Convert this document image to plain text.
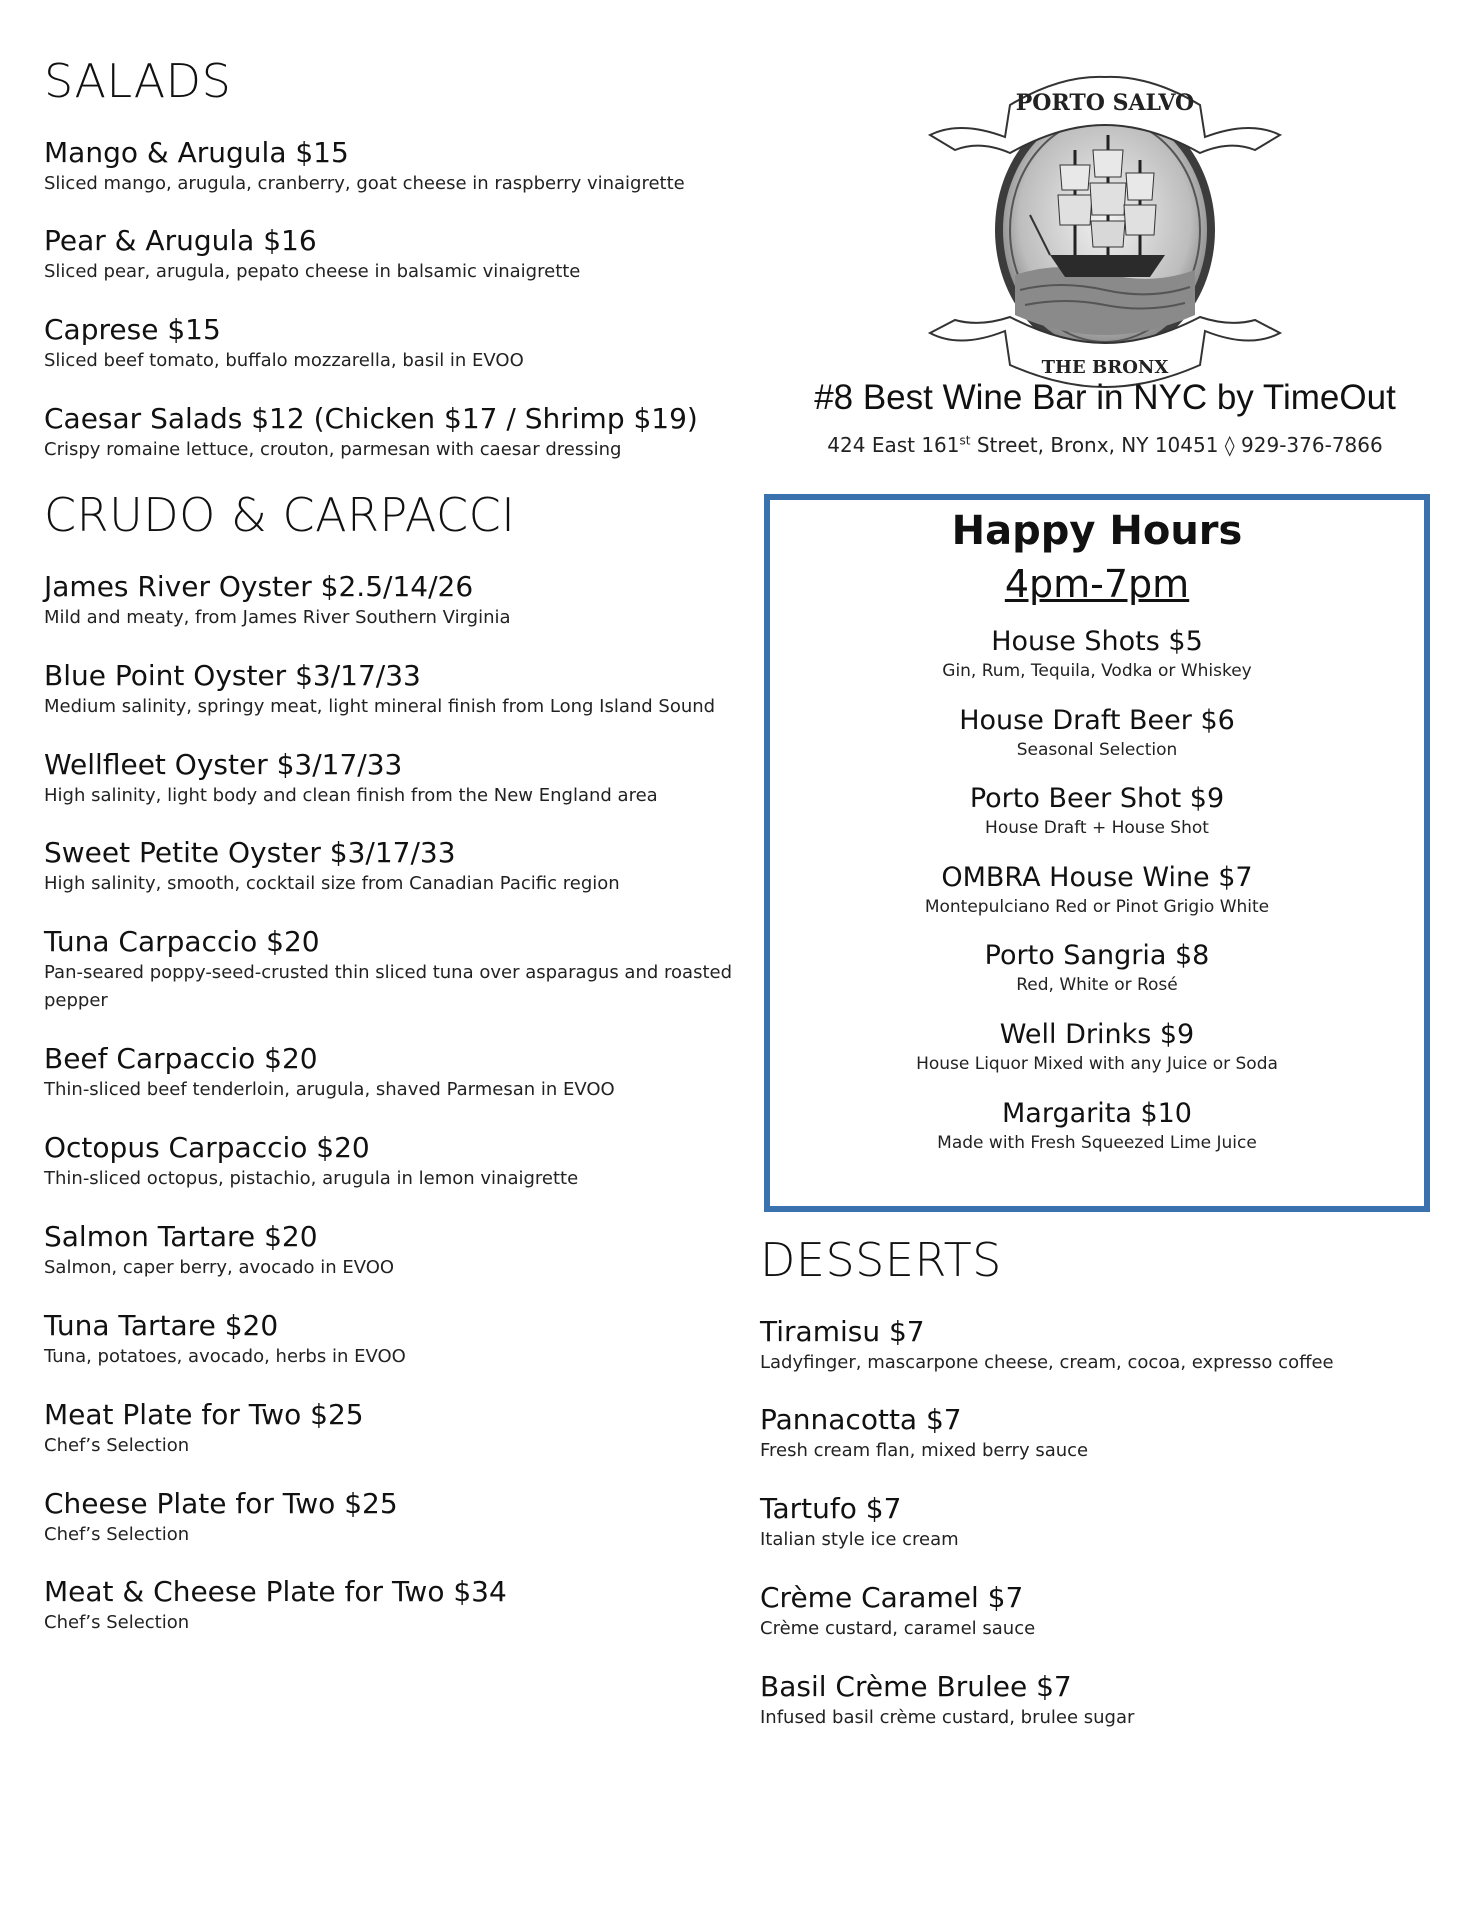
SALADS
Mango & Arugula $15
Sliced mango, arugula, cranberry, goat cheese in raspberry vinaigrette
Pear & Arugula $16
Sliced pear, arugula, pepato cheese in balsamic vinaigrette
Caprese $15
Sliced beef tomato, buffalo mozzarella, basil in EVOO
Caesar Salads $12 (Chicken $17 / Shrimp $19)
Crispy romaine lettuce, crouton, parmesan with caesar dressing
CRUDO & CARPACCI
James River Oyster $2.5/14/26
Mild and meaty, from James River Southern Virginia
Blue Point Oyster $3/17/33
Medium salinity, springy meat, light mineral finish from Long Island Sound
Wellfleet Oyster $3/17/33
High salinity, light body and clean finish from the New England area
Sweet Petite Oyster $3/17/33
High salinity, smooth, cocktail size from Canadian Pacific region
Tuna Carpaccio $20
Pan-seared poppy-seed-crusted thin sliced tuna over asparagus and roasted pepper
Beef Carpaccio $20
Thin-sliced beef tenderloin, arugula, shaved Parmesan in EVOO
Octopus Carpaccio $20
Thin-sliced octopus, pistachio, arugula in lemon vinaigrette
Salmon Tartare $20
Salmon, caper berry, avocado in EVOO
Tuna Tartare $20
Tuna, potatoes, avocado, herbs in EVOO
Meat Plate for Two $25
Chef’s Selection
Cheese Plate for Two $25
Chef’s Selection
Meat & Cheese Plate for Two $34
Chef’s Selection
PORTO SALVO
THE BRONX
#8 Best Wine Bar in NYC by TimeOut
424 East 161st Street, Bronx, NY 10451 ◊ 929-376-7866
Happy Hours
4pm-7pm
House Shots $5
Gin, Rum, Tequila, Vodka or Whiskey
House Draft Beer $6
Seasonal Selection
Porto Beer Shot $9
House Draft + House Shot
OMBRA House Wine $7
Montepulciano Red or Pinot Grigio White
Porto Sangria $8
Red, White or Rosé
Well Drinks $9
House Liquor Mixed with any Juice or Soda
Margarita $10
Made with Fresh Squeezed Lime Juice
DESSERTS
Tiramisu $7
Ladyfinger, mascarpone cheese, cream, cocoa, expresso coffee
Pannacotta $7
Fresh cream flan, mixed berry sauce
Tartufo $7
Italian style ice cream
Crème Caramel $7
Crème custard, caramel sauce
Basil Crème Brulee $7
Infused basil crème custard, brulee sugar
